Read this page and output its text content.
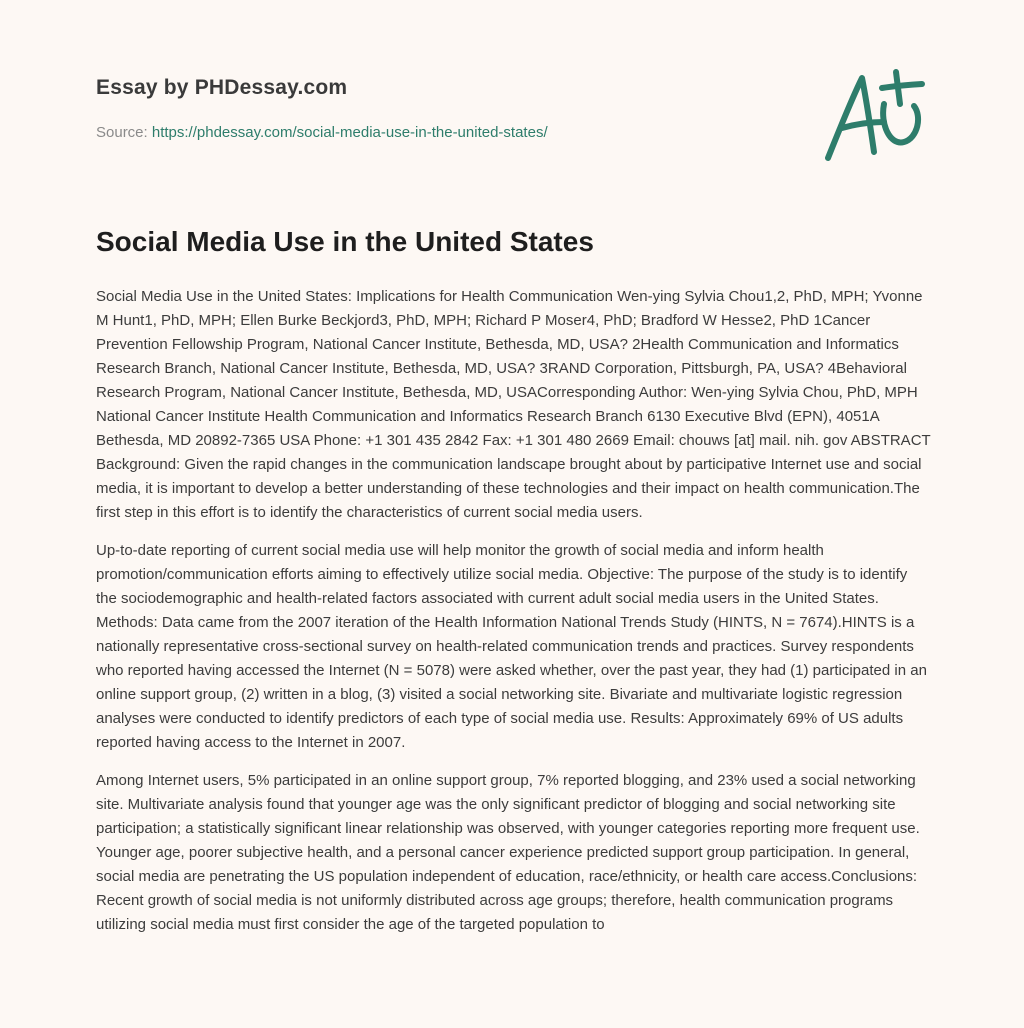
Essay by PHDessay.com
Source: https://phdessay.com/social-media-use-in-the-united-states/
Social Media Use in the United States

Social Media Use in the United States: Implications for Health Communication Wen-ying Sylvia Chou1,2, PhD, MPH; Yvonne M Hunt1, PhD, MPH; Ellen Burke Beckjord3, PhD, MPH; Richard P Moser4, PhD; Bradford W Hesse2, PhD 1Cancer Prevention Fellowship Program, National Cancer Institute, Bethesda, MD, USA? 2Health Communication and Informatics Research Branch, National Cancer Institute, Bethesda, MD, USA? 3RAND Corporation, Pittsburgh, PA, USA? 4Behavioral Research Program, National Cancer Institute, Bethesda, MD, USACorresponding Author: Wen-ying Sylvia Chou, PhD, MPH National Cancer Institute Health Communication and Informatics Research Branch 6130 Executive Blvd (EPN), 4051A Bethesda, MD 20892-7365 USA Phone: +1 301 435 2842 Fax: +1 301 480 2669 Email: chouws [at] mail. nih. gov ABSTRACT Background: Given the rapid changes in the communication landscape brought about by participative Internet use and social media, it is important to develop a better understanding of these technologies and their impact on health communication.The first step in this effort is to identify the characteristics of current social media users.

Up-to-date reporting of current social media use will help monitor the growth of social media and inform health promotion/communication efforts aiming to effectively utilize social media. Objective: The purpose of the study is to identify the sociodemographic and health-related factors associated with current adult social media users in the United States. Methods: Data came from the 2007 iteration of the Health Information National Trends Study (HINTS, N = 7674).HINTS is a nationally representative cross-sectional survey on health-related communication trends and practices. Survey respondents who reported having accessed the Internet (N = 5078) were asked whether, over the past year, they had (1) participated in an online support group, (2) written in a blog, (3) visited a social networking site. Bivariate and multivariate logistic regression analyses were conducted to identify predictors of each type of social media use. Results: Approximately 69% of US adults reported having access to the Internet in 2007.

Among Internet users, 5% participated in an online support group, 7% reported blogging, and 23% used a social networking site. Multivariate analysis found that younger age was the only significant predictor of blogging and social networking site participation; a statistically significant linear relationship was observed, with younger categories reporting more frequent use. Younger age, poorer subjective health, and a personal cancer experience predicted support group participation. In general, social media are penetrating the US population independent of education, race/ethnicity, or health care access.Conclusions: Recent growth of social media is not uniformly distributed across age groups; therefore, health communication programs utilizing social media must first consider the age of the targeted population to
